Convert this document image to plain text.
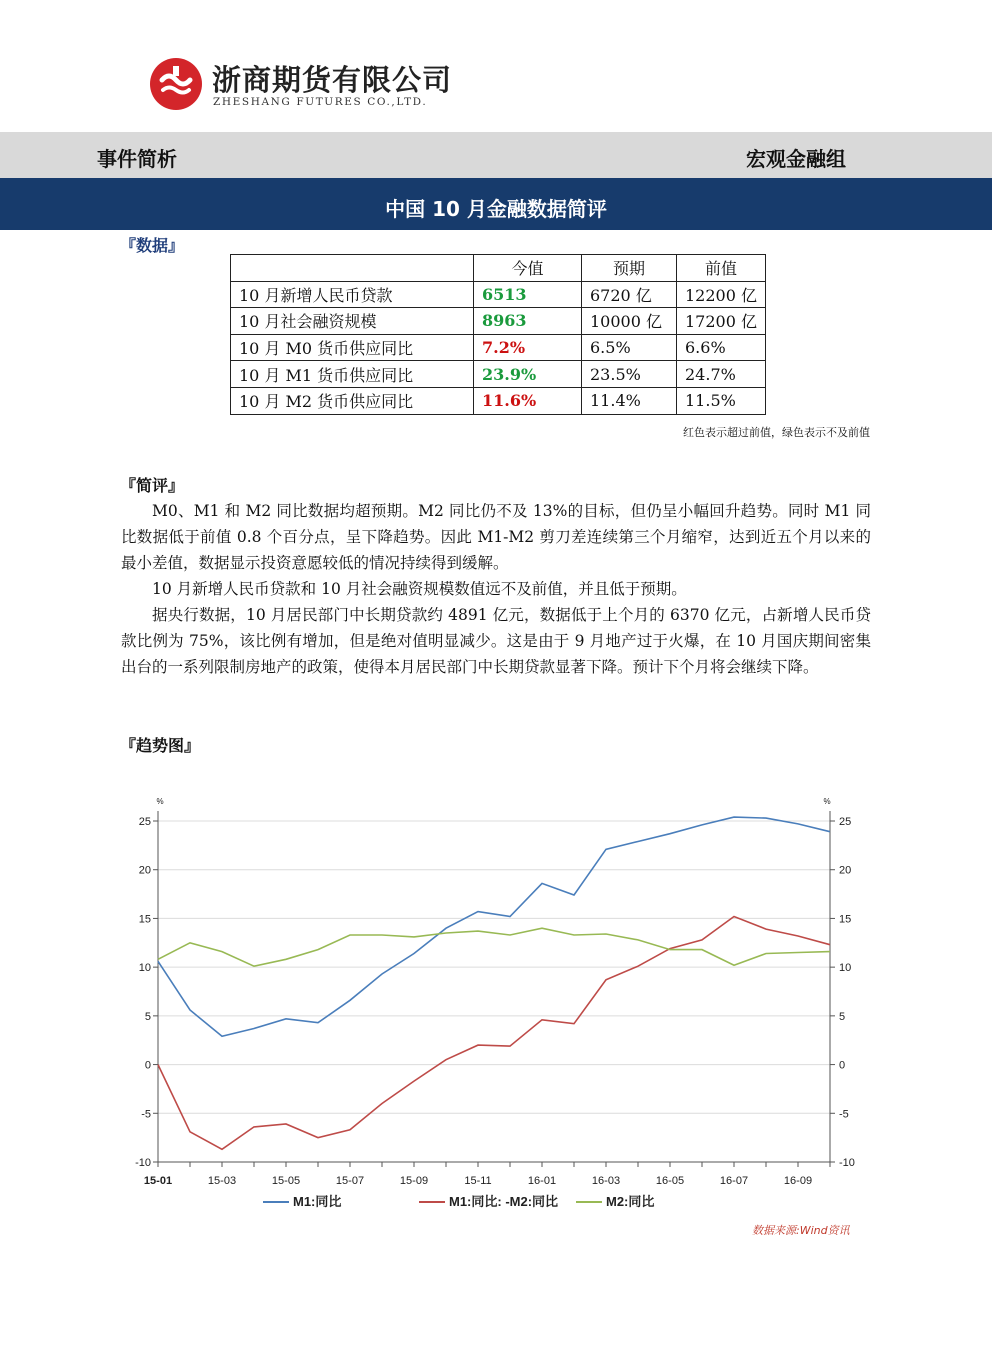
浙商期货有限公司
ZHESHANG FUTURES CO.,LTD.
事件简析	宏观金融组
中国 10 月金融数据简评
『数据』
	今值	预期	前值
10 月新增人民币贷款	6513	6720 亿	12200 亿
10 月社会融资规模	8963	10000 亿	17200 亿
10 月 M0 货币供应同比	7.2%	6.5%	6.6%
10 月 M1 货币供应同比	23.9%	23.5%	24.7%
10 月 M2 货币供应同比	11.6%	11.4%	11.5%
红色表示超过前值，绿色表示不及前值
『简评』

M0、M1 和 M2 同比数据均超预期。M2 同比仍不及 13%的目标，但仍呈小幅回升趋势。同时 M1 同比数据低于前值 0.8 个百分点，呈下降趋势。因此 M1-M2 剪刀差连续第三个月缩窄，达到近五个月以来的最小差值，数据显示投资意愿较低的情况持续得到缓解。

10 月新增人民币贷款和 10 月社会融资规模数值远不及前值，并且低于预期。

据央行数据，10 月居民部门中长期贷款约 4891 亿元，数据低于上个月的 6370 亿元，占新增人民币贷款比例为 75%，该比例有增加，但是绝对值明显减少。这是由于 9 月地产过于火爆，在 10 月国庆期间密集出台的一系列限制房地产的政策，使得本月居民部门中长期贷款显著下降。预计下个月将会继续下降。

『趋势图』
-10	-10
-5	-5
0	0
5	5
10	10
15	15
20	20
25	25
%	%
15-01	15-03	15-05	15-07	15-09	15-11	16-01	16-03	16-05	16-07	16-09
M1:同比	M1:同比: -M2:同比	M2:同比
数据来源:Wind资讯
